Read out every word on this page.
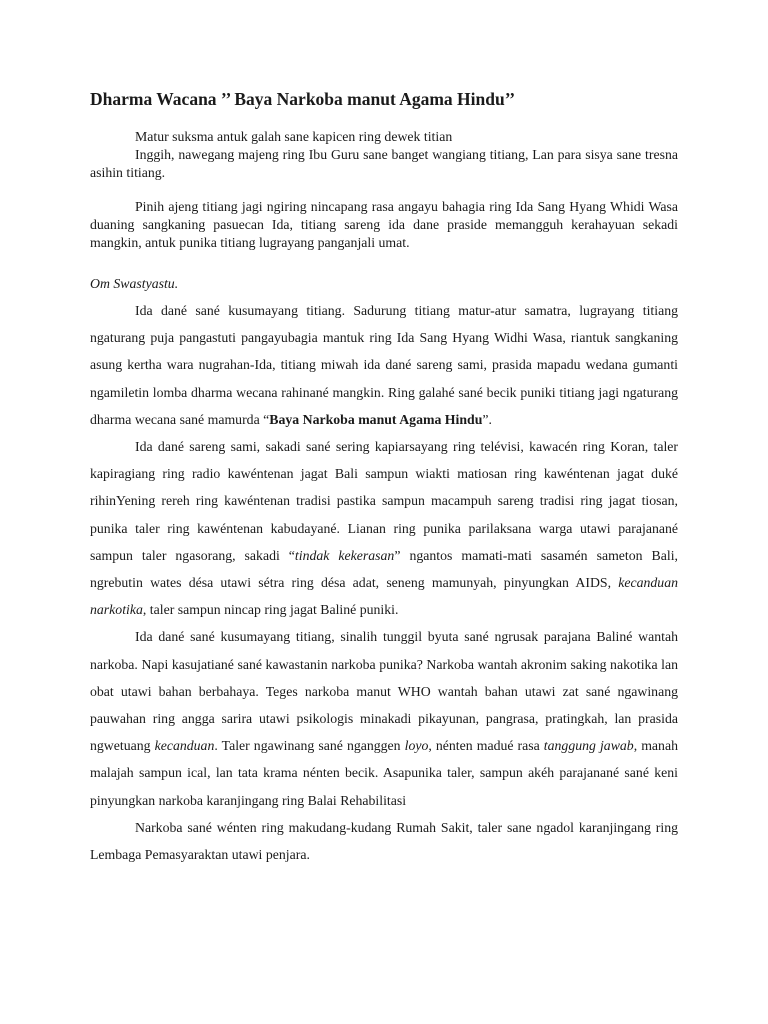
Dharma Wacana ’’ Baya Narkoba manut Agama Hindu’’

Matur suksma antuk galah sane kapicen ring dewek titian

Inggih, nawegang majeng ring Ibu Guru sane banget wangiang titiang, Lan para sisya sane tresna asihin titiang.

Pinih ajeng titiang jagi ngiring nincapang rasa angayu bahagia ring Ida Sang Hyang Whidi Wasa duaning sangkaning pasuecan Ida, titiang sareng ida dane praside memangguh kerahayuan sekadi mangkin, antuk punika titiang lugrayang panganjali umat.

Om Swastyastu.

Ida dané sané kusumayang titiang. Sadurung titiang matur-atur samatra, lugrayang titiang ngaturang puja pangastuti pangayubagia mantuk ring Ida Sang Hyang Widhi Wasa, riantuk sangkaning asung kertha wara nugrahan-Ida, titiang miwah ida dané sareng sami, prasida mapadu wedana gumanti ngamiletin lomba dharma wecana rahinané mangkin. Ring galahé sané becik puniki titiang jagi ngaturang dharma wecana sané mamurda “Baya Narkoba manut Agama Hindu”.

Ida dané sareng sami, sakadi sané sering kapiarsayang ring telévisi, kawacén ring Koran, taler kapiragiang ring radio kawéntenan jagat Bali sampun wiakti matiosan ring kawéntenan jagat duké rihinYening rereh ring kawéntenan tradisi pastika sampun macampuh sareng tradisi ring jagat tiosan, punika taler ring kawéntenan kabudayané. Lianan ring punika parilaksana warga utawi parajanané sampun taler ngasorang, sakadi “tindak kekerasan” ngantos mamati-mati sasamén sameton Bali, ngrebutin wates désa utawi sétra ring désa adat, seneng mamunyah, pinyungkan AIDS, kecanduan narkotika, taler sampun nincap ring jagat Baliné puniki.

Ida dané sané kusumayang titiang, sinalih tunggil byuta sané ngrusak parajana Baliné wantah narkoba. Napi kasujatiané sané kawastanin narkoba punika? Narkoba wantah akronim saking nakotika lan obat utawi bahan berbahaya. Teges narkoba manut WHO wantah bahan utawi zat sané ngawinang pauwahan ring angga sarira utawi psikologis minakadi pikayunan, pangrasa, pratingkah, lan prasida ngwetuang kecanduan. Taler ngawinang sané nganggen loyo, nénten madué rasa tanggung jawab, manah malajah sampun ical, lan tata krama nénten becik. Asapunika taler, sampun akéh parajanané sané keni pinyungkan narkoba karanjingang ring Balai Rehabilitasi

Narkoba sané wénten ring makudang-kudang Rumah Sakit, taler sane ngadol karanjingang ring Lembaga Pemasyaraktan utawi penjara.
